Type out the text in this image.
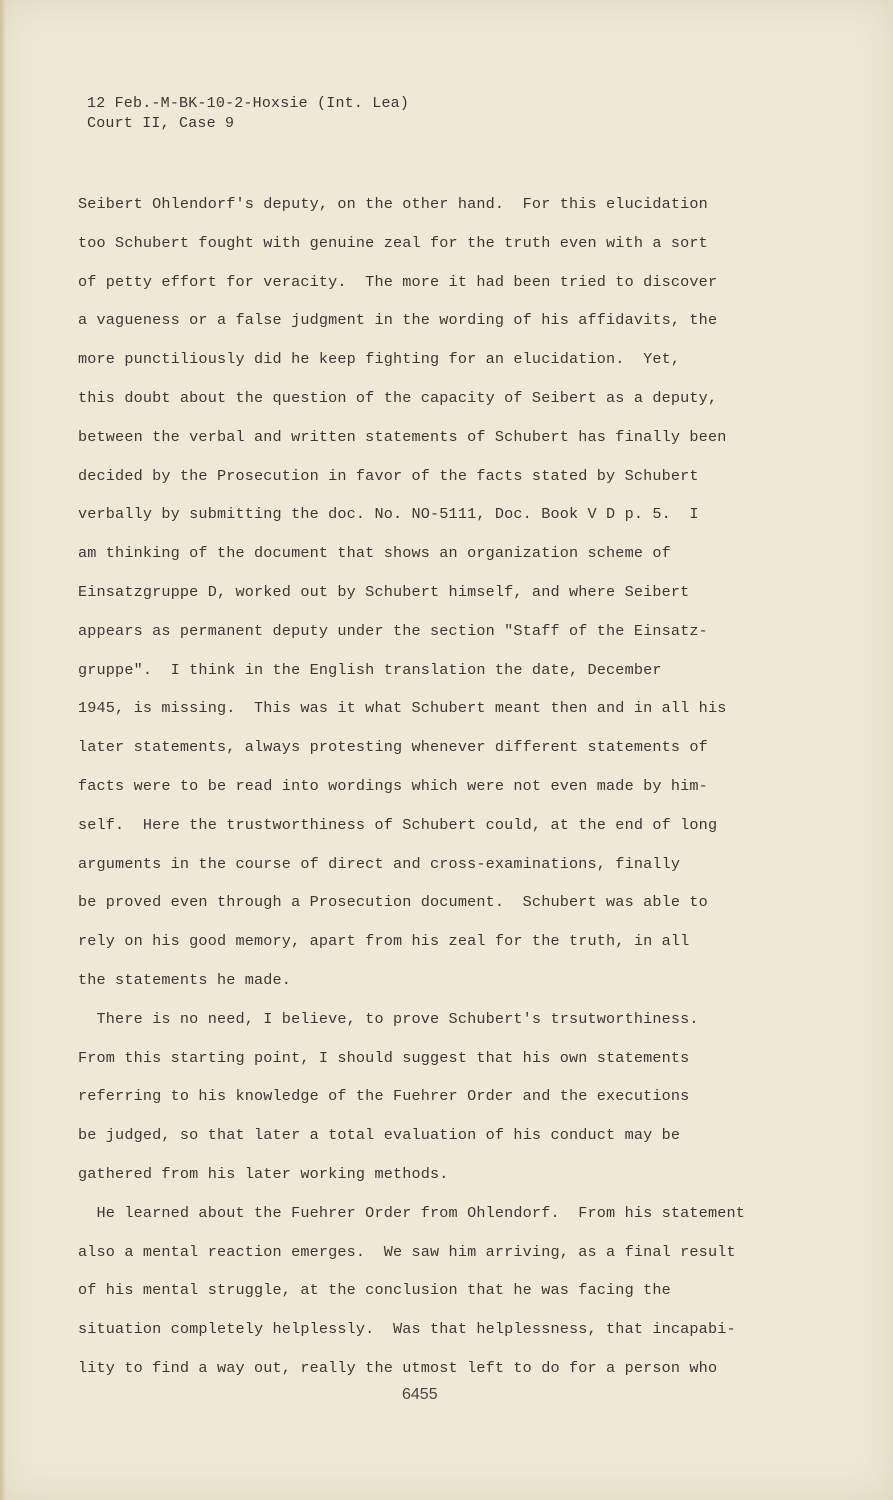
12 Feb.-M-BK-10-2-Hoxsie (Int. Lea)
Court II, Case 9
Seibert Ohlendorf's deputy, on the other hand.  For this elucidation
too Schubert fought with genuine zeal for the truth even with a sort
of petty effort for veracity.  The more it had been tried to discover
a vagueness or a false judgment in the wording of his affidavits, the
more punctiliously did he keep fighting for an elucidation.  Yet,
this doubt about the question of the capacity of Seibert as a deputy,
between the verbal and written statements of Schubert has finally been
decided by the Prosecution in favor of the facts stated by Schubert
verbally by submitting the doc. No. NO-5111, Doc. Book V D p. 5.  I
am thinking of the document that shows an organization scheme of
Einsatzgruppe D, worked out by Schubert himself, and where Seibert
appears as permanent deputy under the section "Staff of the Einsatz-
gruppe".  I think in the English translation the date, December
1945, is missing.  This was it what Schubert meant then and in all his
later statements, always protesting whenever different statements of
facts were to be read into wordings which were not even made by him-
self.  Here the trustworthiness of Schubert could, at the end of long
arguments in the course of direct and cross-examinations, finally
be proved even through a Prosecution document.  Schubert was able to
rely on his good memory, apart from his zeal for the truth, in all
the statements he made.
There is no need, I believe, to prove Schubert's trsutworthiness.
From this starting point, I should suggest that his own statements
referring to his knowledge of the Fuehrer Order and the executions
be judged, so that later a total evaluation of his conduct may be
gathered from his later working methods.
He learned about the Fuehrer Order from Ohlendorf.  From his statement
also a mental reaction emerges.  We saw him arriving, as a final result
of his mental struggle, at the conclusion that he was facing the
situation completely helplessly.  Was that helplessness, that incapabi-
lity to find a way out, really the utmost left to do for a person who
6455
